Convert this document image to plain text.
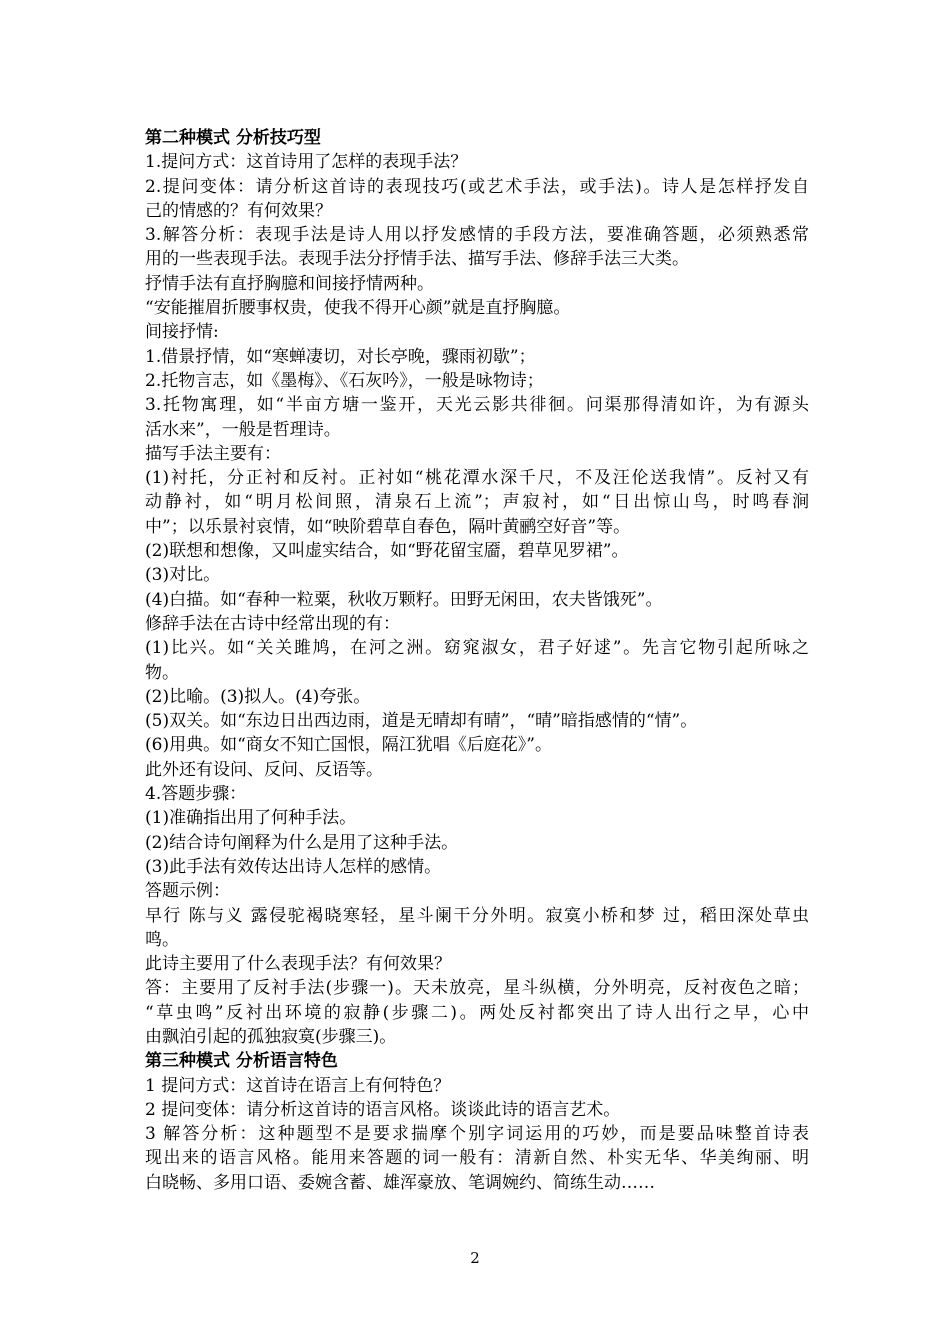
第二种模式 分析技巧型
1.提问方式：这首诗用了怎样的表现手法？
2.提问变体：请分析这首诗的表现技巧(或艺术手法，或手法)。诗人是怎样抒发自
己的情感的？有何效果？
3.解答分析：表现手法是诗人用以抒发感情的手段方法，要准确答题，必须熟悉常
用的一些表现手法。表现手法分抒情手法、描写手法、修辞手法三大类。
抒情手法有直抒胸臆和间接抒情两种。
“安能摧眉折腰事权贵，使我不得开心颜”就是直抒胸臆。
间接抒情:
1.借景抒情，如“寒蝉凄切，对长亭晚，骤雨初歇”；
2.托物言志，如《墨梅》、《石灰吟》，一般是咏物诗；
3.托物寓理，如“半亩方塘一鉴开，天光云影共徘徊。问渠那得清如许，为有源头
活水来”，一般是哲理诗。
描写手法主要有：
(1)衬托，分正衬和反衬。正衬如“桃花潭水深千尺，不及汪伦送我情”。反衬又有
动静衬，如“明月松间照，清泉石上流”；声寂衬，如“日出惊山鸟，时鸣春涧
中”；以乐景衬哀情，如“映阶碧草自春色，隔叶黄鹂空好音”等。
(2)联想和想像，又叫虚实结合，如“野花留宝靥，碧草见罗裙”。
(3)对比。
(4)白描。如“春种一粒粟，秋收万颗籽。田野无闲田，农夫皆饿死”。
修辞手法在古诗中经常出现的有：
(1)比兴。如“关关雎鸠，在河之洲。窈窕淑女，君子好逑”。先言它物引起所咏之
物。
(2)比喻。(3)拟人。(4)夸张。
(5)双关。如“东边日出西边雨，道是无晴却有晴”，“晴”暗指感情的“情”。
(6)用典。如“商女不知亡国恨，隔江犹唱《后庭花》”。
此外还有设问、反问、反语等。
4.答题步骤：
(1)准确指出用了何种手法。
(2)结合诗句阐释为什么是用了这种手法。
(3)此手法有效传达出诗人怎样的感情。
答题示例：
早行 陈与义 露侵驼褐晓寒轻，星斗阑干分外明。寂寞小桥和梦 过，稻田深处草虫
鸣。
此诗主要用了什么表现手法？有何效果？
答：主要用了反衬手法(步骤一)。天未放亮，星斗纵横，分外明亮，反衬夜色之暗；
“草虫鸣”反衬出环境的寂静(步骤二)。两处反衬都突出了诗人出行之早，心中
由飘泊引起的孤独寂寞(步骤三)。
第三种模式 分析语言特色
1 提问方式：这首诗在语言上有何特色？
2 提问变体：请分析这首诗的语言风格。谈谈此诗的语言艺术。
3 解答分析：这种题型不是要求揣摩个别字词运用的巧妙，而是要品味整首诗表
现出来的语言风格。能用来答题的词一般有：清新自然、朴实无华、华美绚丽、明
白晓畅、多用口语、委婉含蓄、雄浑豪放、笔调婉约、简练生动……
2
